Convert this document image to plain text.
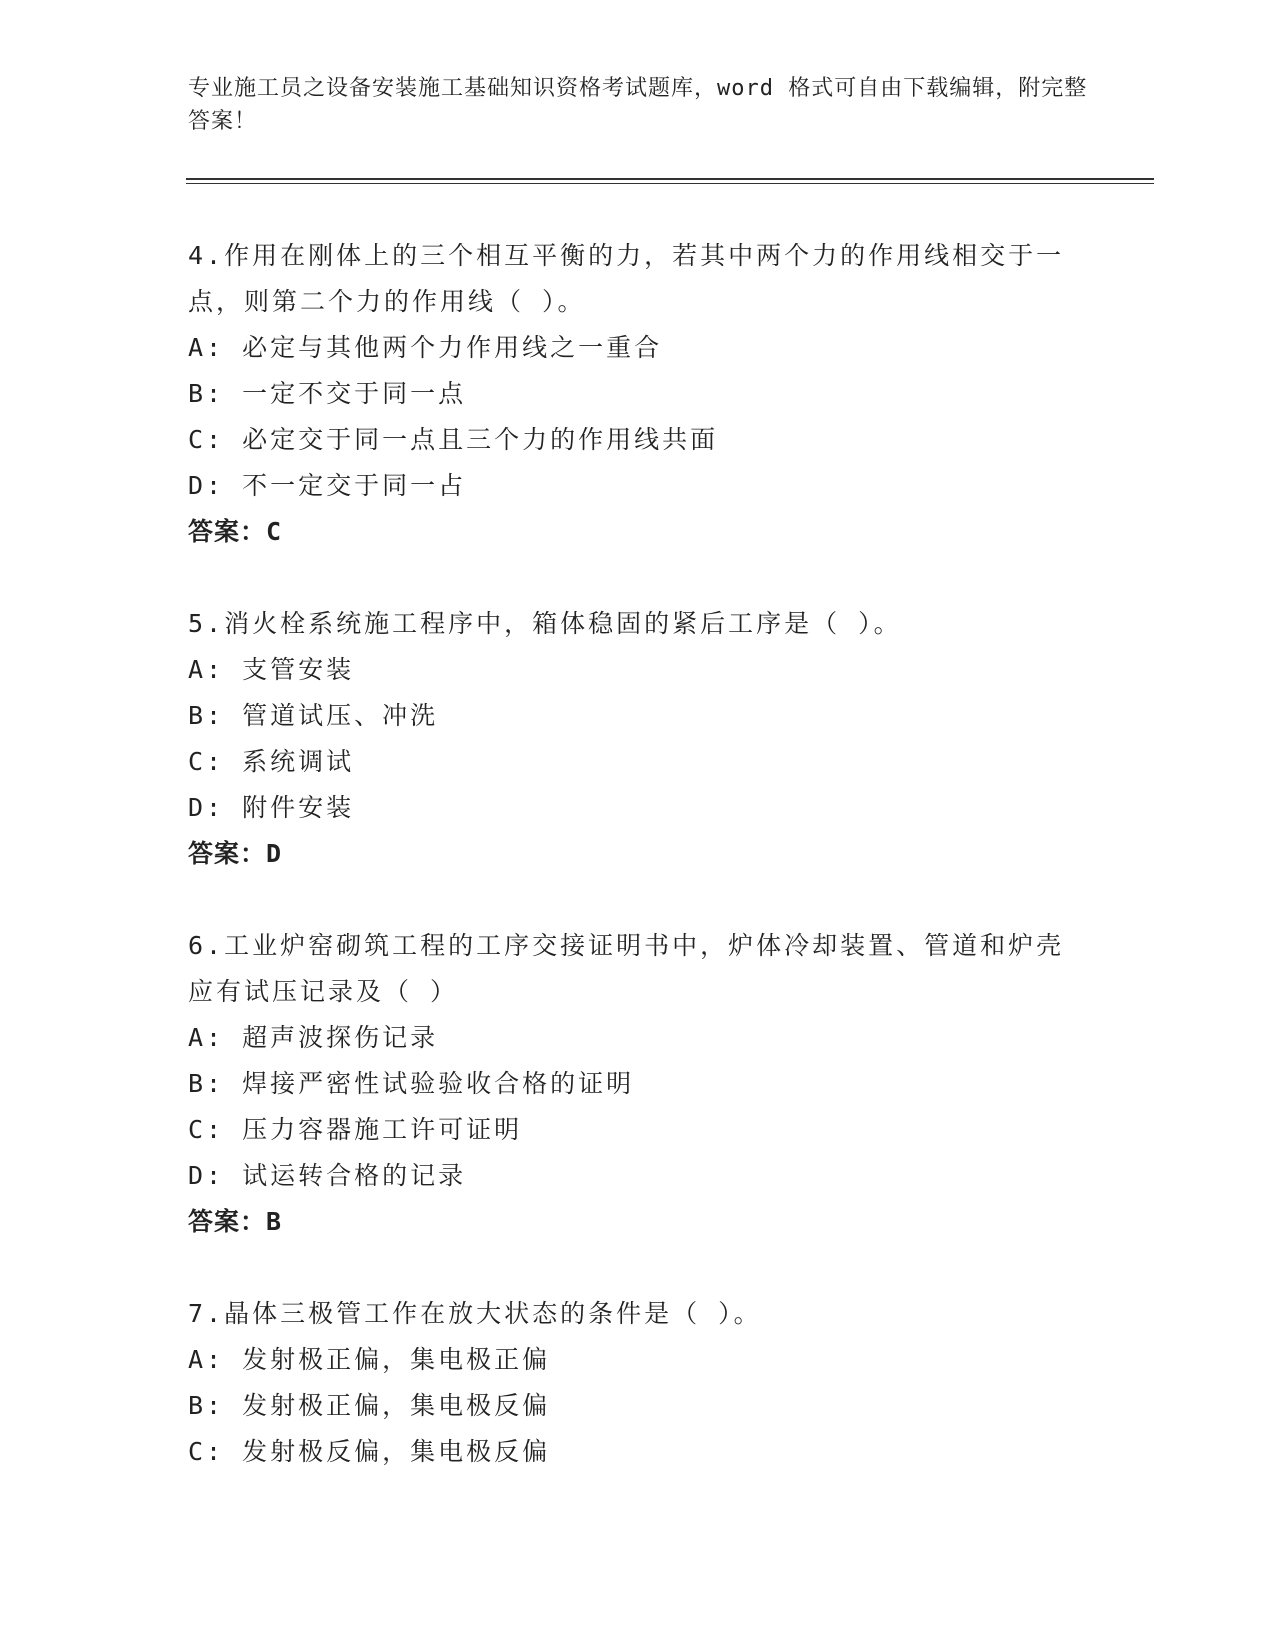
专业施工员之设备安装施工基础知识资格考试题库，word 格式可自由下载编辑，附完整答案！

4.作用在刚体上的三个相互平衡的力，若其中两个力的作用线相交于一点，则第二个力的作用线（ ）。

A: 必定与其他两个力作用线之一重合

B: 一定不交于同一点

C: 必定交于同一点且三个力的作用线共面

D: 不一定交于同一占

答案：C

5.消火栓系统施工程序中，箱体稳固的紧后工序是（ ）。

A: 支管安装

B: 管道试压、冲洗

C: 系统调试

D: 附件安装

答案：D

6.工业炉窑砌筑工程的工序交接证明书中，炉体冷却装置、管道和炉壳应有试压记录及（ ）

A: 超声波探伤记录

B: 焊接严密性试验验收合格的证明

C: 压力容器施工许可证明

D: 试运转合格的记录

答案：B

7.晶体三极管工作在放大状态的条件是（ ）。

A: 发射极正偏，集电极正偏

B: 发射极正偏，集电极反偏

C: 发射极反偏，集电极反偏
